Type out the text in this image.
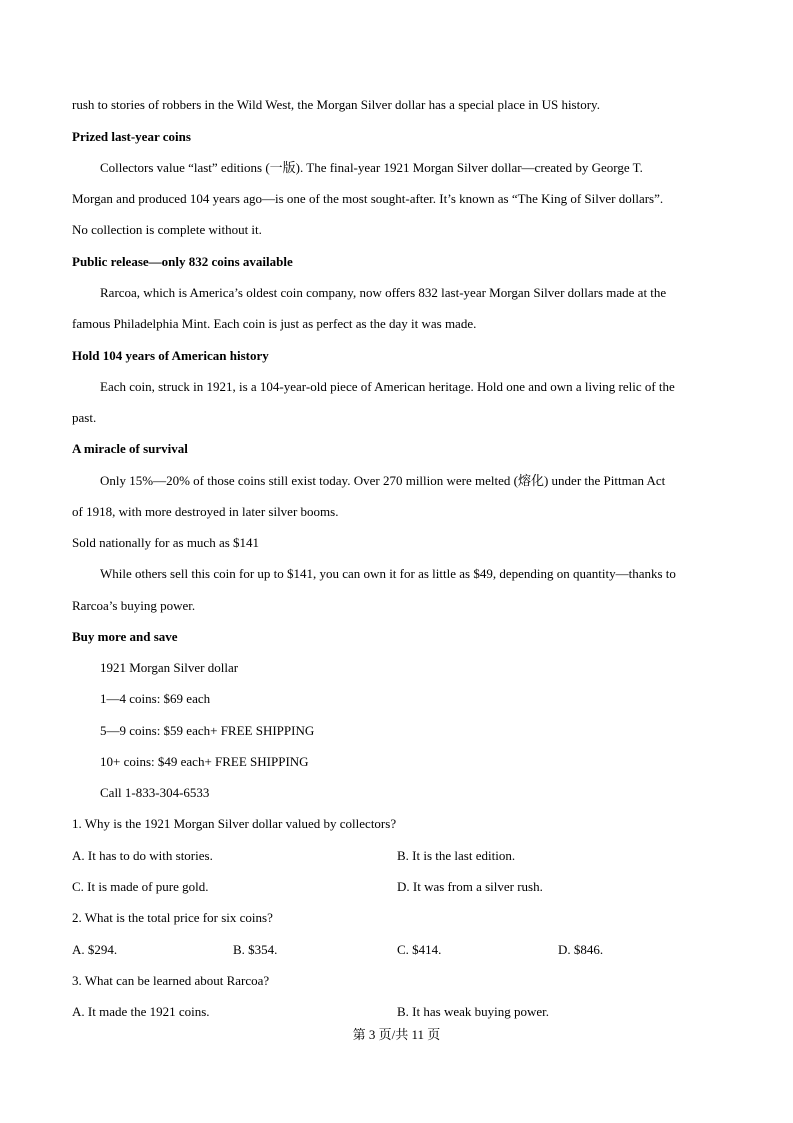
rush to stories of robbers in the Wild West, the Morgan Silver dollar has a special place in US history.
Prized last-year coins
Collectors value “last” editions (一版). The final-year 1921 Morgan Silver dollar—created by George T.
Morgan and produced 104 years ago—is one of the most sought-after. It’s known as “The King of Silver dollars”.
No collection is complete without it.
Public release—only 832 coins available
Rarcoa, which is America’s oldest coin company, now offers 832 last-year Morgan Silver dollars made at the
famous Philadelphia Mint. Each coin is just as perfect as the day it was made.
Hold 104 years of American history
Each coin, struck in 1921, is a 104-year-old piece of American heritage. Hold one and own a living relic of the
past.
A miracle of survival
Only 15%—20% of those coins still exist today. Over 270 million were melted (熔化) under the Pittman Act
of 1918, with more destroyed in later silver booms.
Sold nationally for as much as $141
While others sell this coin for up to $141, you can own it for as little as $49, depending on quantity—thanks to
Rarcoa’s buying power.
Buy more and save
1921 Morgan Silver dollar
1—4 coins: $69 each
5—9 coins: $59 each+ FREE SHIPPING
10+ coins: $49 each+ FREE SHIPPING
Call 1-833-304-6533
1. Why is the 1921 Morgan Silver dollar valued by collectors?
A. It has to do with stories.	B. It is the last edition.
C. It is made of pure gold.	D. It was from a silver rush.
2. What is the total price for six coins?
A. $294.	B. $354.	C. $414.	D. $846.
3. What can be learned about Rarcoa?
A. It made the 1921 coins.	B. It has weak buying power.
第 3 页/共 11 页
